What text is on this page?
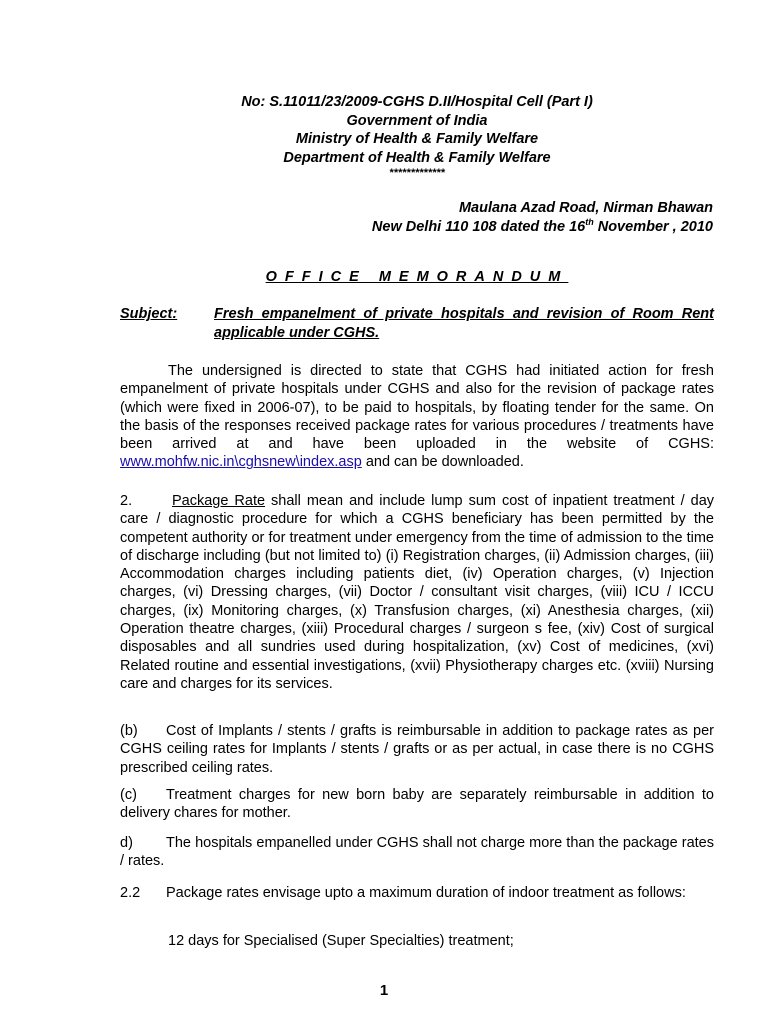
No: S.11011/23/2009-CGHS D.II/Hospital Cell (Part I)
Government of India
Ministry of Health & Family Welfare
Department of Health & Family Welfare
*************
Maulana Azad Road, Nirman Bhawan
New Delhi 110 108 dated the 16th November , 2010
OFFICE MEMORANDUM
Subject:	Fresh empanelment of private hospitals and revision of Room Rent applicable under CGHS.

The undersigned is directed to state that CGHS had initiated action for fresh empanelment of private hospitals under CGHS and also for the revision of package rates (which were fixed in 2006-07), to be paid to hospitals, by floating tender for the same. On the basis of the responses received package rates for various procedures / treatments have been arrived at and have been uploaded in the website of CGHS: www.mohfw.nic.in\cghsnew\index.asp and can be downloaded.

2.	Package Rate shall mean and include lump sum cost of inpatient treatment / day care / diagnostic procedure for which a CGHS beneficiary has been permitted by the competent authority or for treatment under emergency from the time of admission to the time of discharge including (but not limited to) (i) Registration charges, (ii) Admission charges, (iii) Accommodation charges including patients diet, (iv) Operation charges, (v) Injection charges, (vi) Dressing charges, (vii) Doctor / consultant visit charges, (viii) ICU / ICCU charges, (ix) Monitoring charges, (x) Transfusion charges, (xi) Anesthesia charges, (xii) Operation theatre charges, (xiii) Procedural charges / surgeon s fee, (xiv) Cost of surgical disposables and all sundries used during hospitalization, (xv) Cost of medicines, (xvi) Related routine and essential investigations, (xvii) Physiotherapy charges etc. (xviii) Nursing care and charges for its services.

(b) Cost of Implants / stents / grafts is reimbursable in addition to package rates as per CGHS ceiling rates for Implants / stents / grafts or as per actual, in case there is no CGHS prescribed ceiling rates.

(c) Treatment charges for new born baby are separately reimbursable in addition to delivery chares for mother.

d) The hospitals empanelled under CGHS shall not charge more than the package rates / rates.

2.2 Package rates envisage upto a maximum duration of indoor treatment as follows:

12 days for Specialised (Super Specialties) treatment;

1
